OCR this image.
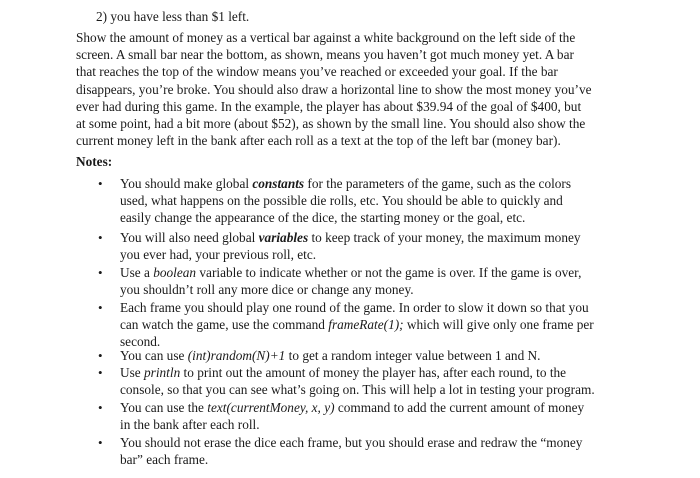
2) you have less than $1 left.
Show the amount of money as a vertical bar against a white background on the left side of the
screen. A small bar near the bottom, as shown, means you haven’t got much money yet. A bar
that reaches the top of the window means you’ve reached or exceeded your goal. If the bar
disappears, you’re broke. You should also draw a horizontal line to show the most money you’ve
ever had during this game. In the example, the player has about $39.94 of the goal of $400, but
at some point, had a bit more (about $52), as shown by the small line. You should also show the
current money left in the bank after each roll as a text at the top of the left bar (money bar).
Notes:
• You should make global constants for the parameters of the game, such as the colors
used, what happens on the possible die rolls, etc. You should be able to quickly and
easily change the appearance of the dice, the starting money or the goal, etc.
• You will also need global variables to keep track of your money, the maximum money
you ever had, your previous roll, etc.
• Use a boolean variable to indicate whether or not the game is over. If the game is over,
you shouldn’t roll any more dice or change any money.
• Each frame you should play one round of the game. In order to slow it down so that you
can watch the game, use the command frameRate(1); which will give only one frame per
second.
• You can use (int)random(N)+1 to get a random integer value between 1 and N.
• Use println to print out the amount of money the player has, after each round, to the
console, so that you can see what’s going on. This will help a lot in testing your program.
• You can use the text(currentMoney, x, y) command to add the current amount of money
in the bank after each roll.
• You should not erase the dice each frame, but you should erase and redraw the “money
bar” each frame.
